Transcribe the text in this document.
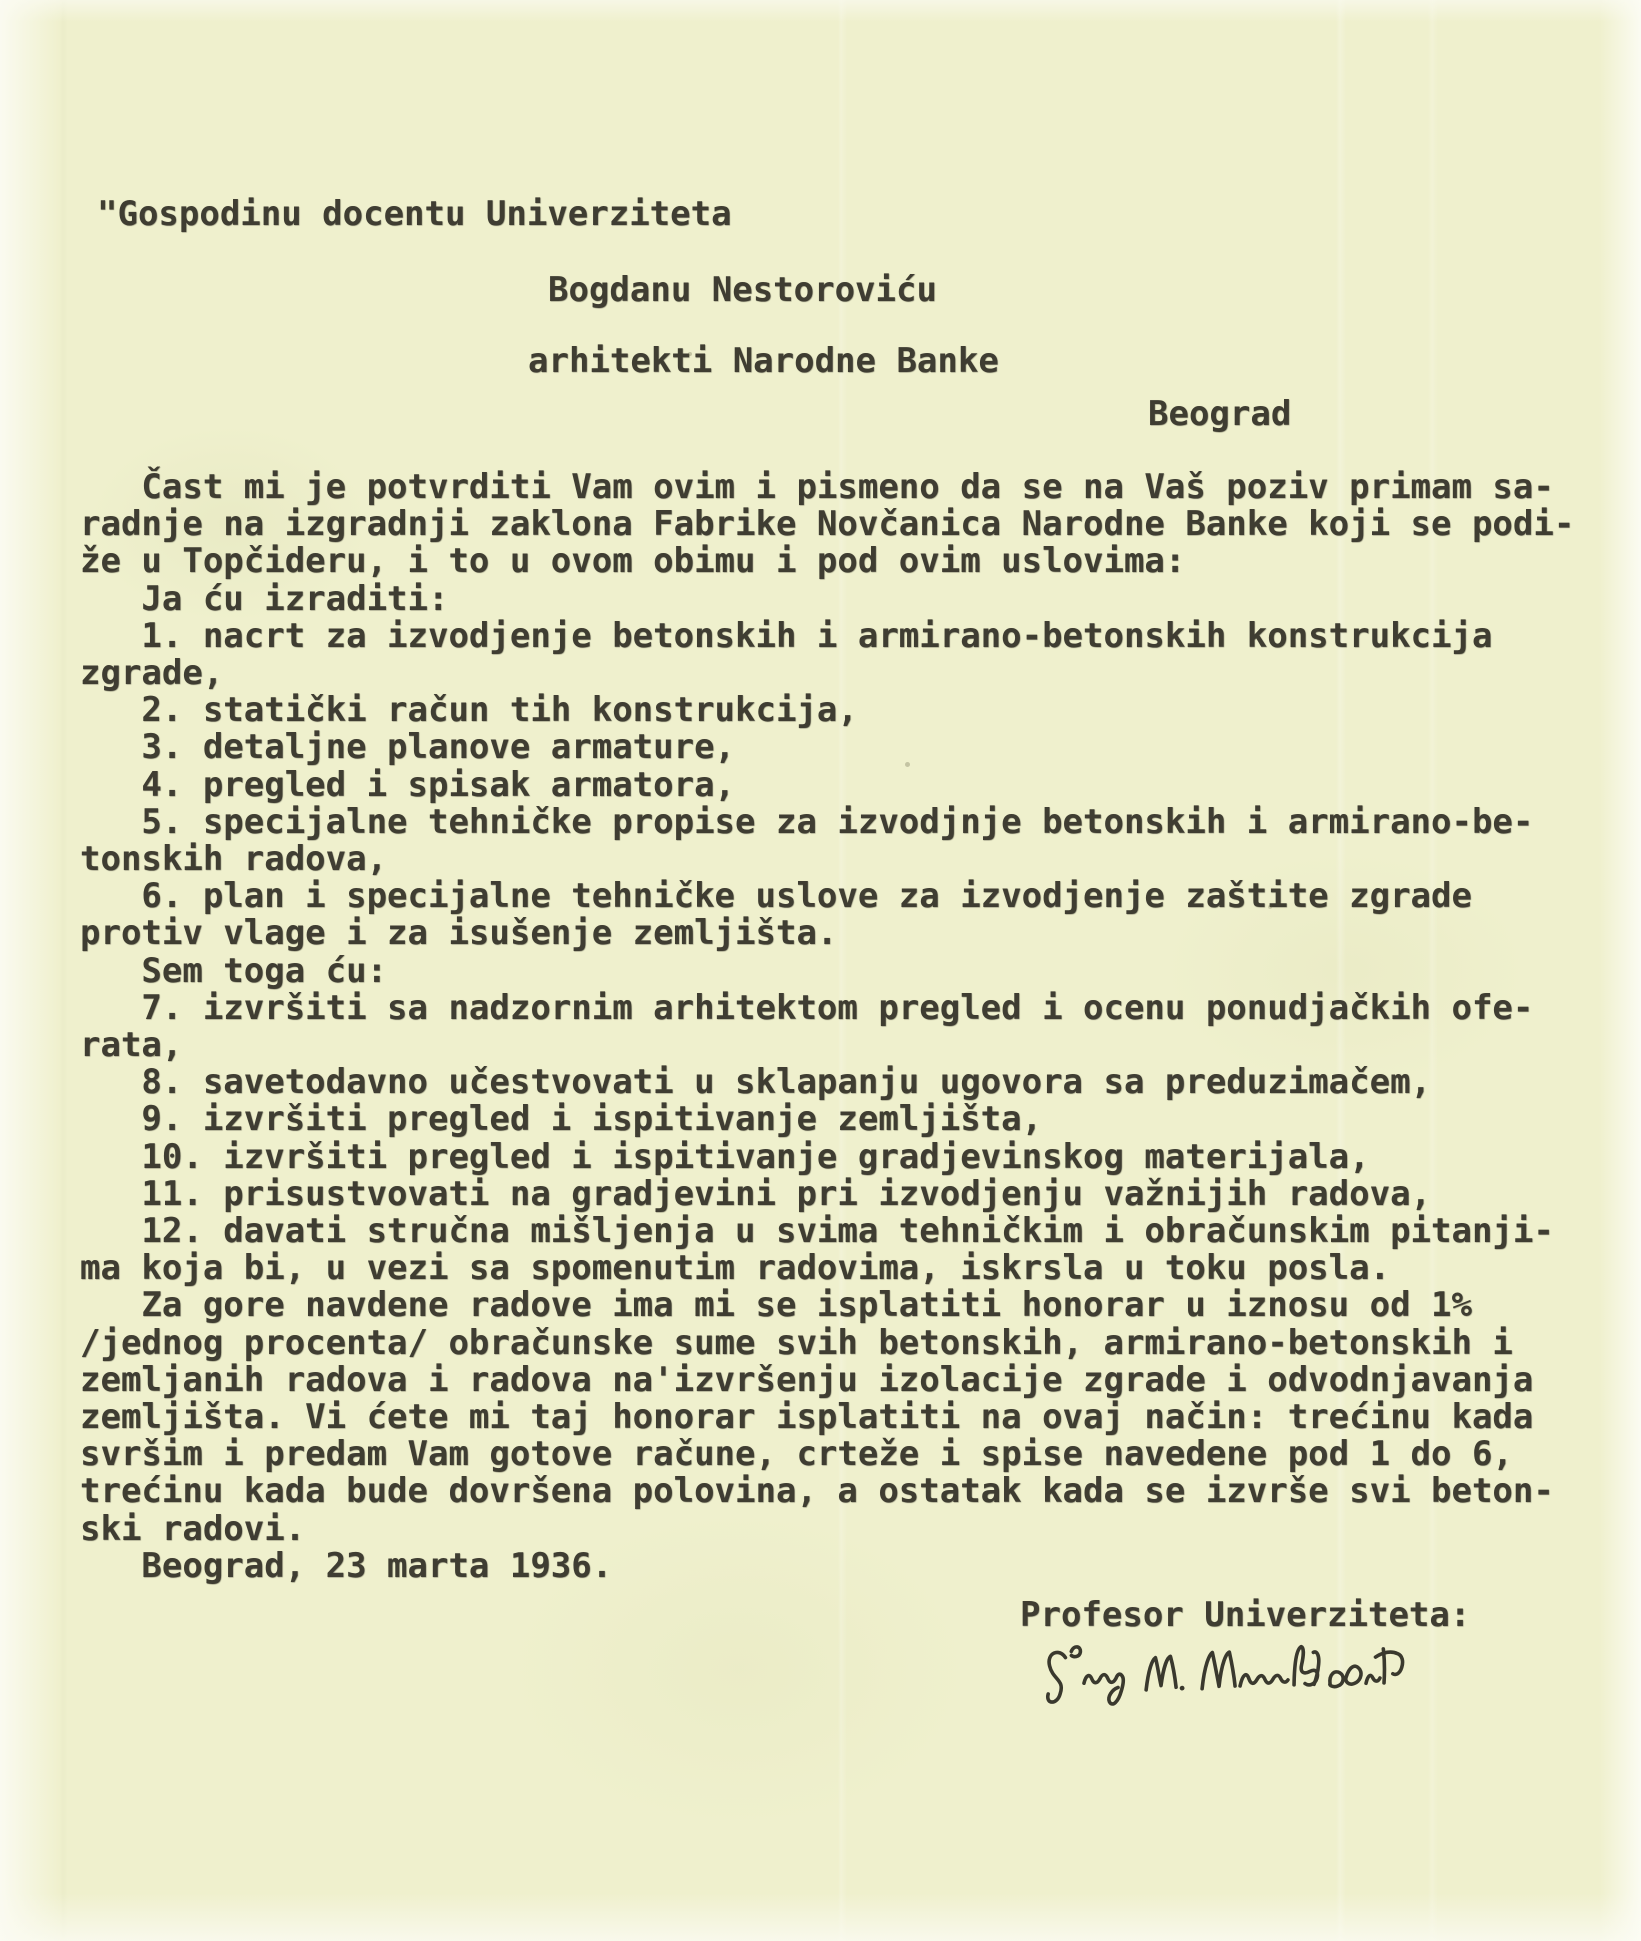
"Gospodinu docentu Univerziteta
Bogdanu Nestoroviću
arhitekti Narodne Banke
Beograd
Čast mi je potvrditi Vam ovim i pismeno da se na Vaš poziv primam sa-
radnje na izgradnji zaklona Fabrike Novčanica Narodne Banke koji se podi-
že u Topčideru, i to u ovom obimu i pod ovim uslovima:
Ja ću izraditi:
1. nacrt za izvodjenje betonskih i armirano-betonskih konstrukcija
zgrade,
2. statički račun tih konstrukcija,
3. detaljne planove armature,
4. pregled i spisak armatora,
5. specijalne tehničke propise za izvodjnje betonskih i armirano-be-
tonskih radova,
6. plan i specijalne tehničke uslove za izvodjenje zaštite zgrade
protiv vlage i za isušenje zemljišta.
Sem toga ću:
7. izvršiti sa nadzornim arhitektom pregled i ocenu ponudjačkih ofe-
rata,
8. savetodavno učestvovati u sklapanju ugovora sa preduzimačem,
9. izvršiti pregled i ispitivanje zemljišta,
10. izvršiti pregled i ispitivanje gradjevinskog materijala,
11. prisustvovati na gradjevini pri izvodjenju važnijih radova,
12. davati stručna mišljenja u svima tehničkim i obračunskim pitanji-
ma koja bi, u vezi sa spomenutim radovima, iskrsla u toku posla.
Za gore navdene radove ima mi se isplatiti honorar u iznosu od 1%
/jednog procenta/ obračunske sume svih betonskih, armirano-betonskih i
zemljanih radova i radova na'izvršenju izolacije zgrade i odvodnjavanja
zemljišta. Vi ćete mi taj honorar isplatiti na ovaj način: trećinu kada
svršim i predam Vam gotove račune, crteže i spise navedene pod 1 do 6,
trećinu kada bude dovršena polovina, a ostatak kada se izvrše svi beton-
ski radovi.
Beograd, 23 marta 1936.
Profesor Univerziteta:
